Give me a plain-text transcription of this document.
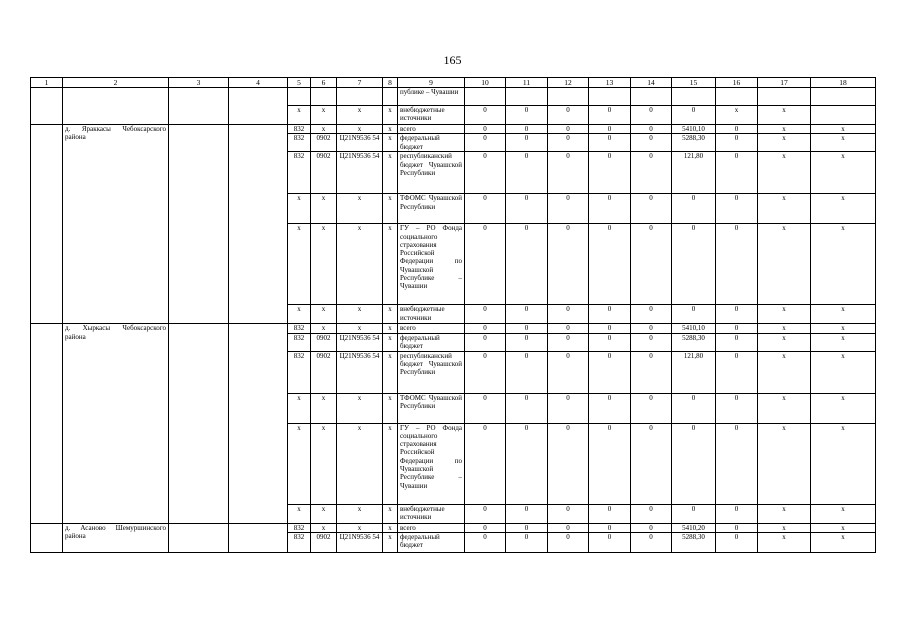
165
1	2	3	4	5	6	7	8	9	10	11	12	13	14	15	16	17	18
								публике – Чувашии									
				x	x	x	x	внебюджетные источники	0	0	0	0	0	0	x	x	
	д. Яраккасы Чебоксарского района			832	x	x	x	всего	0	0	0	0	0	5410,10	0	x	x
				832	0902	Ц21N9536 54	x	федеральный бюджет	0	0	0	0	0	5288,30	0	x	x
				832	0902	Ц21N9536 54	x	республиканский бюджет Чувашской Республики	0	0	0	0	0	121,80	0	x	x
				x	x	x	x	ТФОМС Чувашской Республики	0	0	0	0	0	0	0	x	x
				x	x	x	x	ГУ – РО Фонда социального страхования Российской Федерации по Чувашской Республике – Чувашии	0	0	0	0	0	0	0	x	x
				x	x	x	x	внебюджетные источники	0	0	0	0	0	0	0	x	x
	д. Хыркасы Чебоксарского района			832	x	x	x	всего	0	0	0	0	0	5410,10	0	x	x
				832	0902	Ц21N9536 54	x	федеральный бюджет	0	0	0	0	0	5288,30	0	x	x
				832	0902	Ц21N9536 54	x	республиканский бюджет Чувашской Республики	0	0	0	0	0	121,80	0	x	x
				x	x	x	x	ТФОМС Чувашской Республики	0	0	0	0	0	0	0	x	x
				x	x	x	x	ГУ – РО Фонда социального страхования Российской Федерации по Чувашской Республике – Чувашии	0	0	0	0	0	0	0	x	x
				x	x	x	x	внебюджетные источники	0	0	0	0	0	0	0	x	x
	д. Асаново Шемуршинского района			832	x	x	x	всего	0	0	0	0	0	5410,20	0	x	x
				832	0902	Ц21N9536 54	x	федеральный бюджет	0	0	0	0	0	5288,30	0	x	x
